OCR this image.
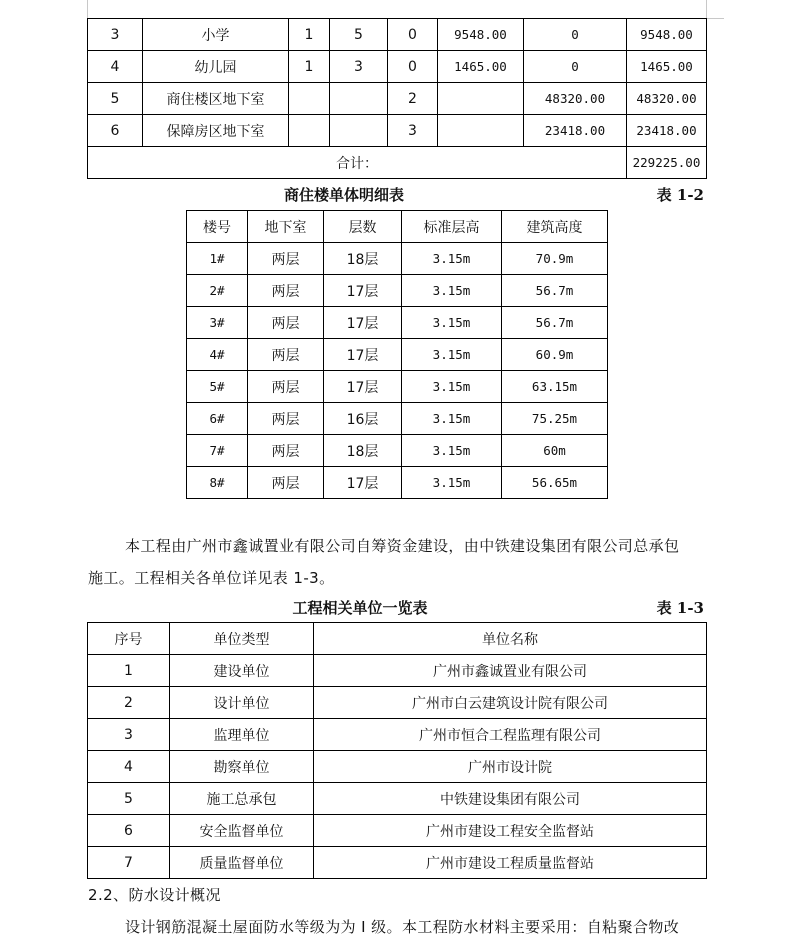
3	小学	1	5	0	9548.00	0	9548.00
4	幼儿园	1	3	0	1465.00	0	1465.00
5	商住楼区地下室			2		48320.00	48320.00
6	保障房区地下室			3		23418.00	23418.00
合计：							229225.00
商住楼单体明细表	表 1-2
楼号	地下室	层数	标准层高	建筑高度
1#	两层	18层	3.15m	70.9m
2#	两层	17层	3.15m	56.7m
3#	两层	17层	3.15m	56.7m
4#	两层	17层	3.15m	60.9m
5#	两层	17层	3.15m	63.15m
6#	两层	16层	3.15m	75.25m
7#	两层	18层	3.15m	60m
8#	两层	17层	3.15m	56.65m
本工程由广州市鑫诚置业有限公司自筹资金建设，由中铁建设集团有限公司总承包
施工。工程相关各单位详见表 1-3。
工程相关单位一览表	表 1-3
序号	单位类型	单位名称
1	建设单位	广州市鑫诚置业有限公司
2	设计单位	广州市白云建筑设计院有限公司
3	监理单位	广州市恒合工程监理有限公司
4	勘察单位	广州市设计院
5	施工总承包	中铁建设集团有限公司
6	安全监督单位	广州市建设工程安全监督站
7	质量监督单位	广州市建设工程质量监督站
2.2、防水设计概况
设计钢筋混凝土屋面防水等级为为 Ⅰ 级。本工程防水材料主要采用：自粘聚合物改
